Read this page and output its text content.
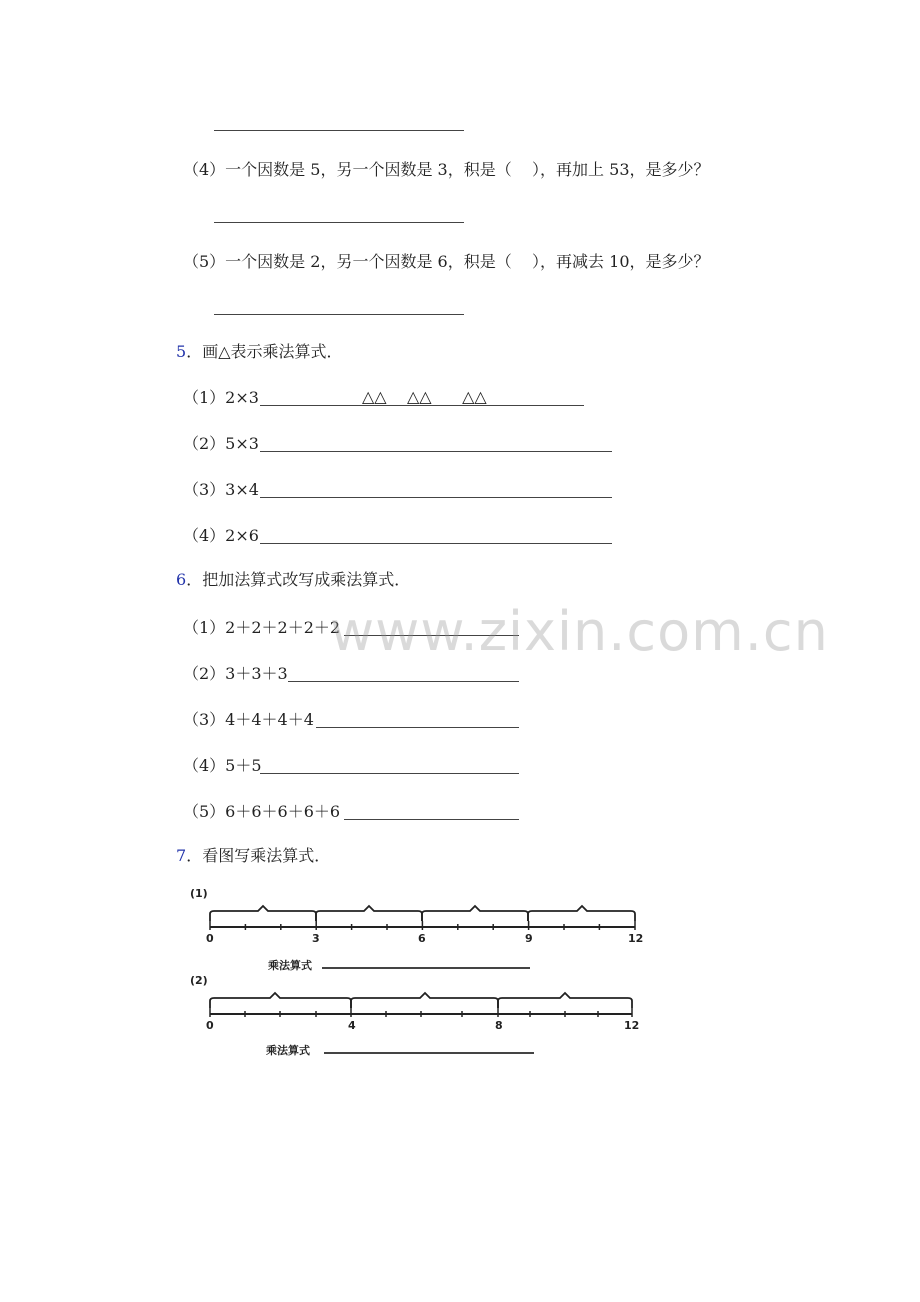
（4）一个因数是 5，另一个因数是 3，积是（    ），再加上 53，是多少？
（5）一个因数是 2，另一个因数是 6，积是（    ），再减去 10，是多少？
5．画△表示乘法算式．
（1）2×3	△△    △△      △△
（2）5×3
（3）3×4
（4）2×6
6．把加法算式改写成乘法算式．
（1）2＋2＋2＋2＋2
（2）3＋3＋3
（3）4＋4＋4＋4
（4）5＋5
（5）6＋6＋6＋6＋6
www.zixin.com.cn
7．看图写乘法算式．
(1)
0	3	6	9	12
乘法算式
(2)
0	4	8	12
乘法算式
